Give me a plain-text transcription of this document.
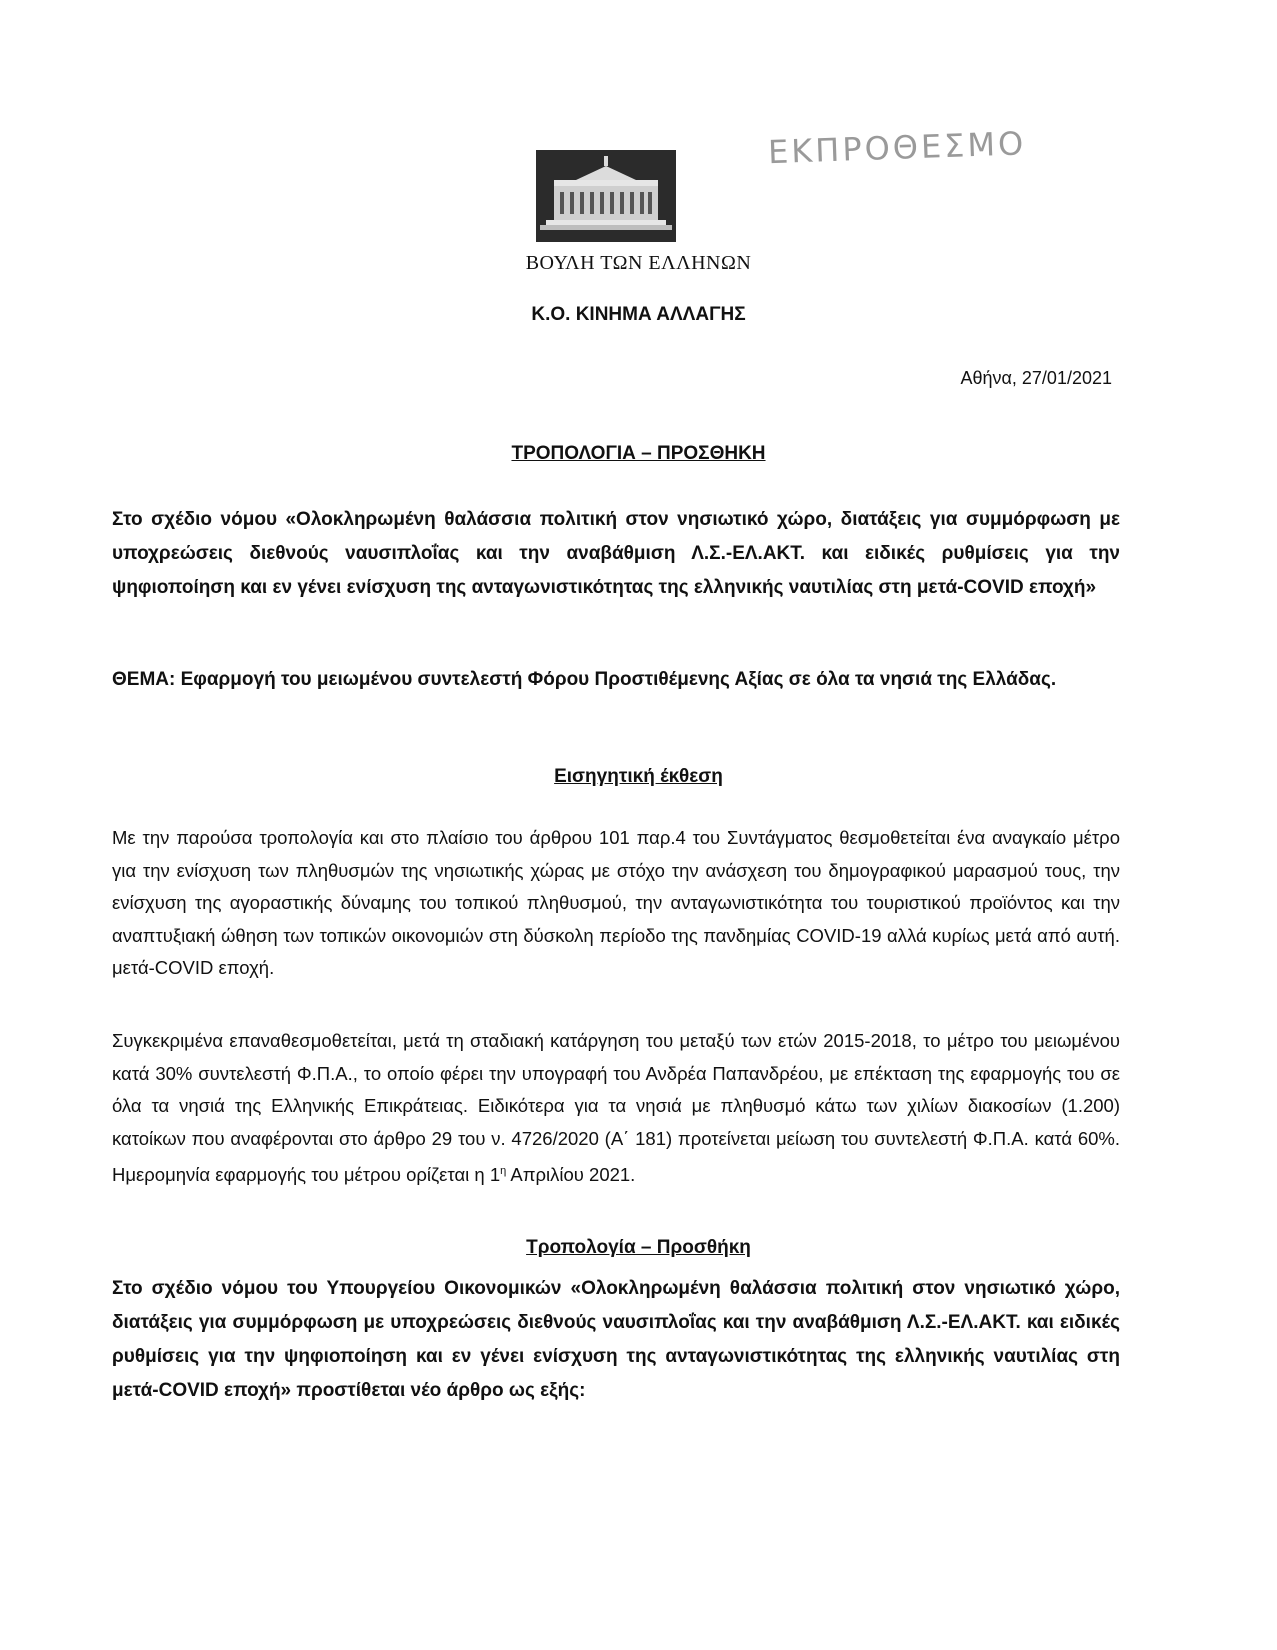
ΕΚΠΡΟΘΕΣΜΟ
ΒΟΥΛΗ ΤΩΝ ΕΛΛΗΝΩΝ
Κ.Ο. ΚΙΝΗΜΑ ΑΛΛΑΓΗΣ
Αθήνα, 27/01/2021
ΤΡΟΠΟΛΟΓΙΑ – ΠΡΟΣΘΗΚΗ

Στο σχέδιο νόμου «Ολοκληρωμένη θαλάσσια πολιτική στον νησιωτικό χώρο, διατάξεις για συμμόρφωση με υποχρεώσεις διεθνούς ναυσιπλοΐας και την αναβάθμιση Λ.Σ.-ΕΛ.ΑΚΤ. και ειδικές ρυθμίσεις για την ψηφιοποίηση και εν γένει ενίσχυση της ανταγωνιστικότητας της ελληνικής ναυτιλίας στη μετά-COVID εποχή»

ΘΕΜΑ: Εφαρμογή του μειωμένου συντελεστή Φόρου Προστιθέμενης Αξίας σε όλα τα νησιά της Ελλάδας.

Εισηγητική έκθεση

Με την παρούσα τροπολογία και στο πλαίσιο του άρθρου 101 παρ.4 του Συντάγματος θεσμοθετείται ένα αναγκαίο μέτρο για την ενίσχυση των πληθυσμών της νησιωτικής χώρας με στόχο την ανάσχεση του δημογραφικού μαρασμού τους, την ενίσχυση της αγοραστικής δύναμης του τοπικού πληθυσμού, την ανταγωνιστικότητα του τουριστικού προϊόντος και την αναπτυξιακή ώθηση των τοπικών οικονομιών στη δύσκολη περίοδο της πανδημίας COVID-19 αλλά κυρίως μετά από αυτή. μετά-COVID εποχή.

Συγκεκριμένα επαναθεσμοθετείται, μετά τη σταδιακή κατάργηση του μεταξύ των ετών 2015-2018, το μέτρο του μειωμένου κατά 30% συντελεστή Φ.Π.Α., το οποίο φέρει την υπογραφή του Ανδρέα Παπανδρέου, με επέκταση της εφαρμογής του σε όλα τα νησιά της Ελληνικής Επικράτειας. Ειδικότερα για τα νησιά με πληθυσμό κάτω των χιλίων διακοσίων (1.200) κατοίκων που αναφέρονται στο άρθρο 29 του ν. 4726/2020 (Α΄ 181) προτείνεται μείωση του συντελεστή Φ.Π.Α. κατά 60%. Ημερομηνία εφαρμογής του μέτρου ορίζεται η $1^\eta$ Απριλίου 2021.

Τροπολογία – Προσθήκη

Στο σχέδιο νόμου του Υπουργείου Οικονομικών «Ολοκληρωμένη θαλάσσια πολιτική στον νησιωτικό χώρο, διατάξεις για συμμόρφωση με υποχρεώσεις διεθνούς ναυσιπλοΐας και την αναβάθμιση Λ.Σ.-ΕΛ.ΑΚΤ. και ειδικές ρυθμίσεις για την ψηφιοποίηση και εν γένει ενίσχυση της ανταγωνιστικότητας της ελληνικής ναυτιλίας στη μετά-COVID εποχή» προστίθεται νέο άρθρο ως εξής:
